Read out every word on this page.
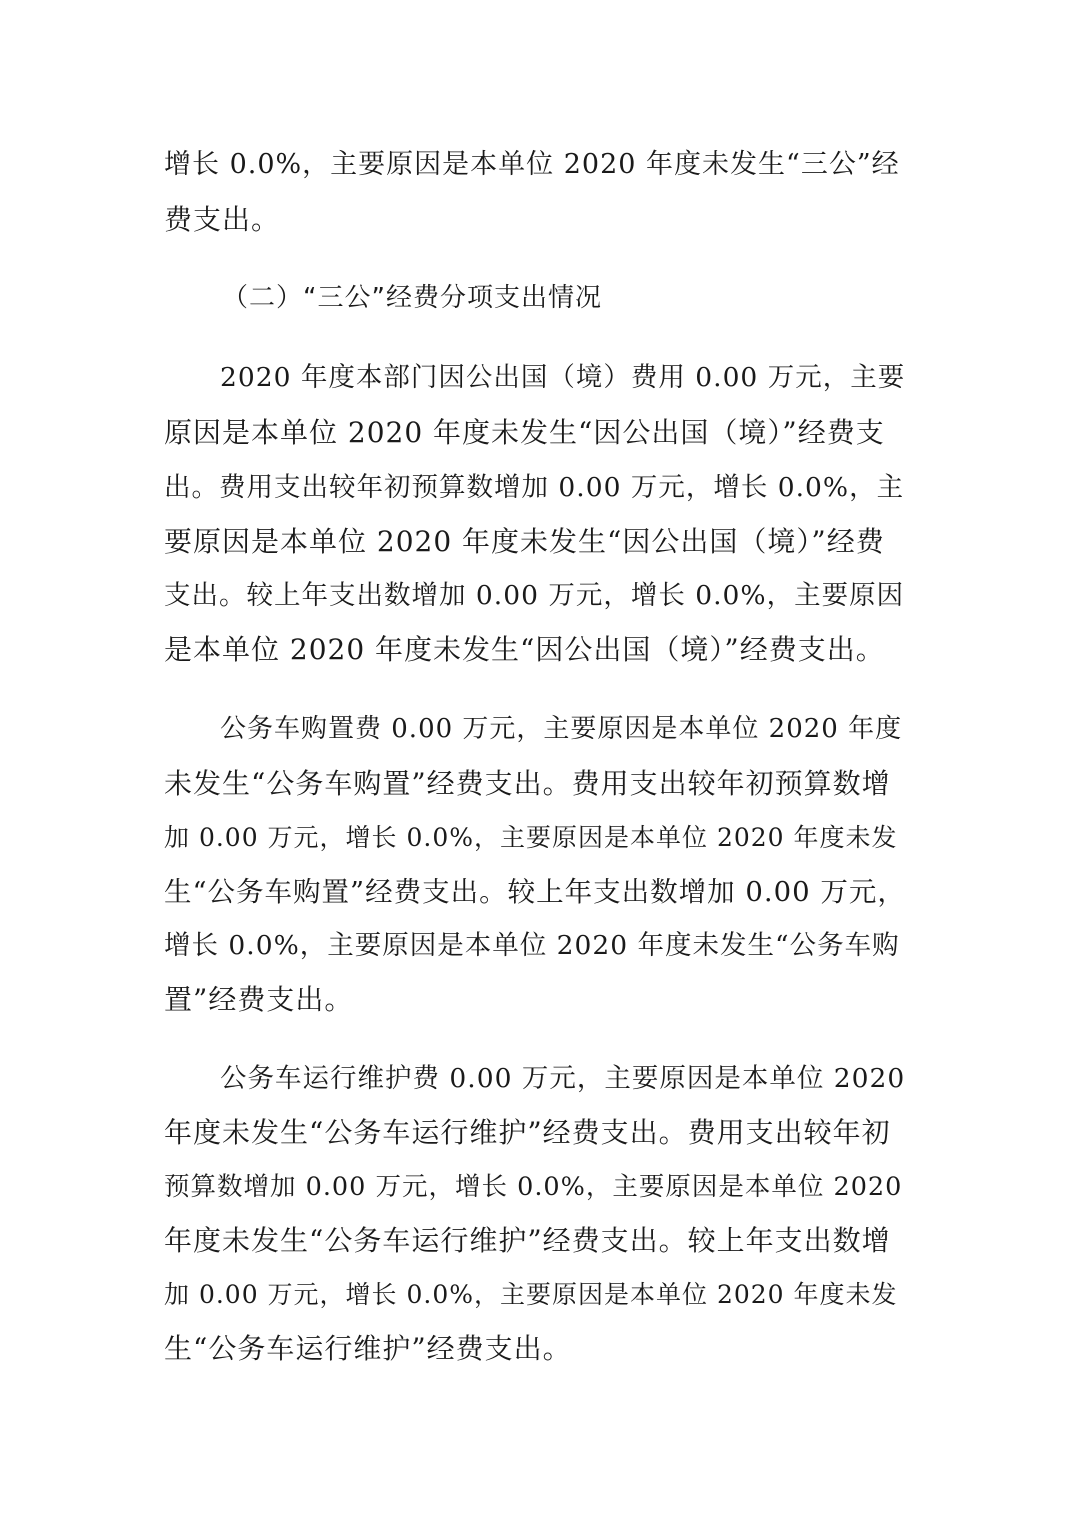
增长 0.0%，主要原因是本单位 2020 年度未发生“三公”经
费支出。
（二）“三公”经费分项支出情况
2020 年度本部门因公出国（境）费用 0.00 万元，主要
原因是本单位 2020 年度未发生“因公出国（境）”经费支
出。费用支出较年初预算数增加 0.00 万元，增长 0.0%，主
要原因是本单位 2020 年度未发生“因公出国（境）”经费
支出。较上年支出数增加 0.00 万元，增长 0.0%，主要原因
是本单位 2020 年度未发生“因公出国（境）”经费支出。
公务车购置费 0.00 万元，主要原因是本单位 2020 年度
未发生“公务车购置”经费支出。费用支出较年初预算数增
加 0.00 万元，增长 0.0%，主要原因是本单位 2020 年度未发
生“公务车购置”经费支出。较上年支出数增加 0.00 万元，
增长 0.0%，主要原因是本单位 2020 年度未发生“公务车购
置”经费支出。
公务车运行维护费 0.00 万元，主要原因是本单位 2020
年度未发生“公务车运行维护”经费支出。费用支出较年初
预算数增加 0.00 万元，增长 0.0%，主要原因是本单位 2020
年度未发生“公务车运行维护”经费支出。较上年支出数增
加 0.00 万元，增长 0.0%，主要原因是本单位 2020 年度未发
生“公务车运行维护”经费支出。
